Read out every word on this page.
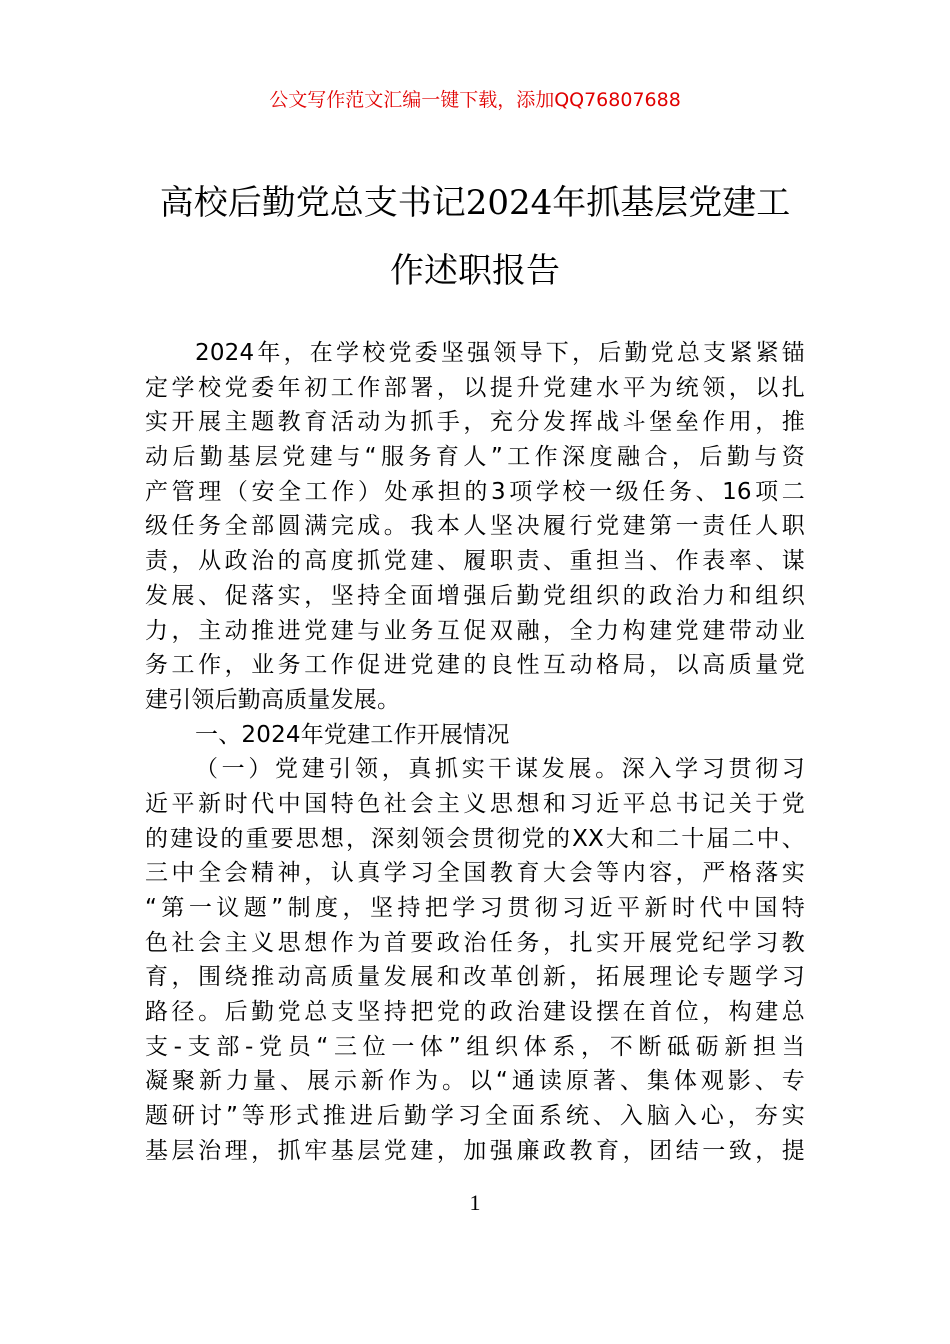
公文写作范文汇编一键下载，添加QQ76807688
高校后勤党总支书记2024年抓基层党建工
作述职报告
2024年，在学校党委坚强领导下，后勤党总支紧紧锚
定学校党委年初工作部署，以提升党建水平为统领，以扎
实开展主题教育活动为抓手，充分发挥战斗堡垒作用，推
动后勤基层党建与“服务育人”工作深度融合，后勤与资
产管理（安全工作）处承担的3项学校一级任务、16项二
级任务全部圆满完成。我本人坚决履行党建第一责任人职
责，从政治的高度抓党建、履职责、重担当、作表率、谋
发展、促落实，坚持全面增强后勤党组织的政治力和组织
力，主动推进党建与业务互促双融，全力构建党建带动业
务工作，业务工作促进党建的良性互动格局，以高质量党
建引领后勤高质量发展。
一、2024年党建工作开展情况
（一）党建引领，真抓实干谋发展。深入学习贯彻习
近平新时代中国特色社会主义思想和习近平总书记关于党
的建设的重要思想，深刻领会贯彻党的XX大和二十届二中、
三中全会精神，认真学习全国教育大会等内容，严格落实
“第一议题”制度，坚持把学习贯彻习近平新时代中国特
色社会主义思想作为首要政治任务，扎实开展党纪学习教
育，围绕推动高质量发展和改革创新，拓展理论专题学习
路径。后勤党总支坚持把党的政治建设摆在首位，构建总
支-支部-党员“三位一体”组织体系，不断砥砺新担当
凝聚新力量、展示新作为。以“通读原著、集体观影、专
题研讨”等形式推进后勤学习全面系统、入脑入心，夯实
基层治理，抓牢基层党建，加强廉政教育，团结一致，提
1
